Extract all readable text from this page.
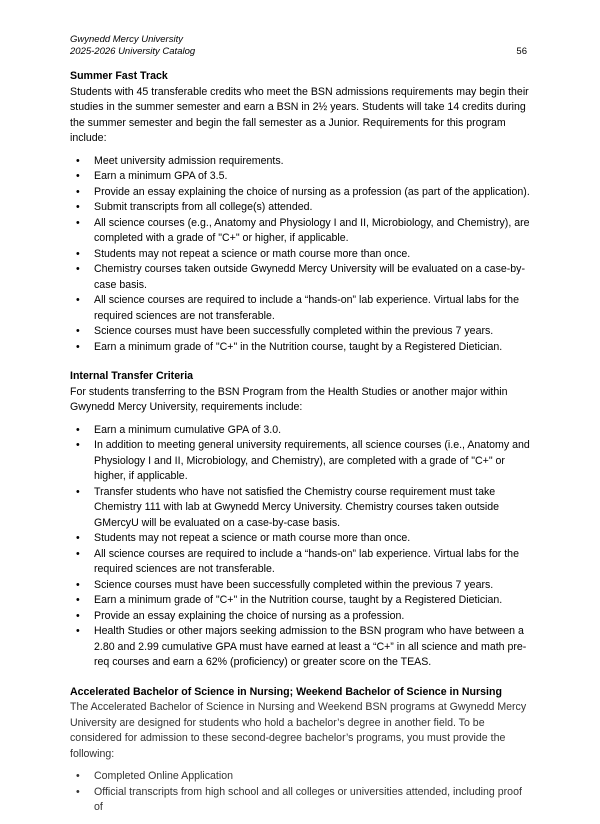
Gwynedd Mercy University
2025-2026 University Catalog	56

Summer Fast Track

Students with 45 transferable credits who meet the BSN admissions requirements may begin their studies in the summer semester and earn a BSN in 2½ years. Students will take 14 credits during the summer semester and begin the fall semester as a Junior. Requirements for this program include:

• Meet university admission requirements.
• Earn a minimum GPA of 3.5.
• Provide an essay explaining the choice of nursing as a profession (as part of the application).
• Submit transcripts from all college(s) attended.
• All science courses (e.g., Anatomy and Physiology I and II, Microbiology, and Chemistry), are completed with a grade of "C+" or higher, if applicable.
• Students may not repeat a science or math course more than once.
• Chemistry courses taken outside Gwynedd Mercy University will be evaluated on a case-by-case basis.
• All science courses are required to include a “hands-on” lab experience. Virtual labs for the required sciences are not transferable.
• Science courses must have been successfully completed within the previous 7 years.
• Earn a minimum grade of "C+" in the Nutrition course, taught by a Registered Dietician.

Internal Transfer Criteria

For students transferring to the BSN Program from the Health Studies or another major within Gwynedd Mercy University, requirements include:

• Earn a minimum cumulative GPA of 3.0.
• In addition to meeting general university requirements, all science courses (i.e., Anatomy and Physiology I and II, Microbiology, and Chemistry), are completed with a grade of "C+" or higher, if applicable.
• Transfer students who have not satisfied the Chemistry course requirement must take Chemistry 111 with lab at Gwynedd Mercy University. Chemistry courses taken outside GMercyU will be evaluated on a case-by-case basis.
• Students may not repeat a science or math course more than once.
• All science courses are required to include a “hands-on” lab experience. Virtual labs for the required sciences are not transferable.
• Science courses must have been successfully completed within the previous 7 years.
• Earn a minimum grade of "C+" in the Nutrition course, taught by a Registered Dietician.
• Provide an essay explaining the choice of nursing as a profession.
• Health Studies or other majors seeking admission to the BSN program who have between a 2.80 and 2.99 cumulative GPA must have earned at least a “C+” in all science and math pre-req courses and earn a 62% (proficiency) or greater score on the TEAS.

Accelerated Bachelor of Science in Nursing; Weekend Bachelor of Science in Nursing

The Accelerated Bachelor of Science in Nursing and Weekend BSN programs at Gwynedd Mercy University are designed for students who hold a bachelor’s degree in another field. To be considered for admission to these second-degree bachelor’s programs, you must provide the following:

• Completed Online Application
• Official transcripts from high school and all colleges or universities attended, including proof of
